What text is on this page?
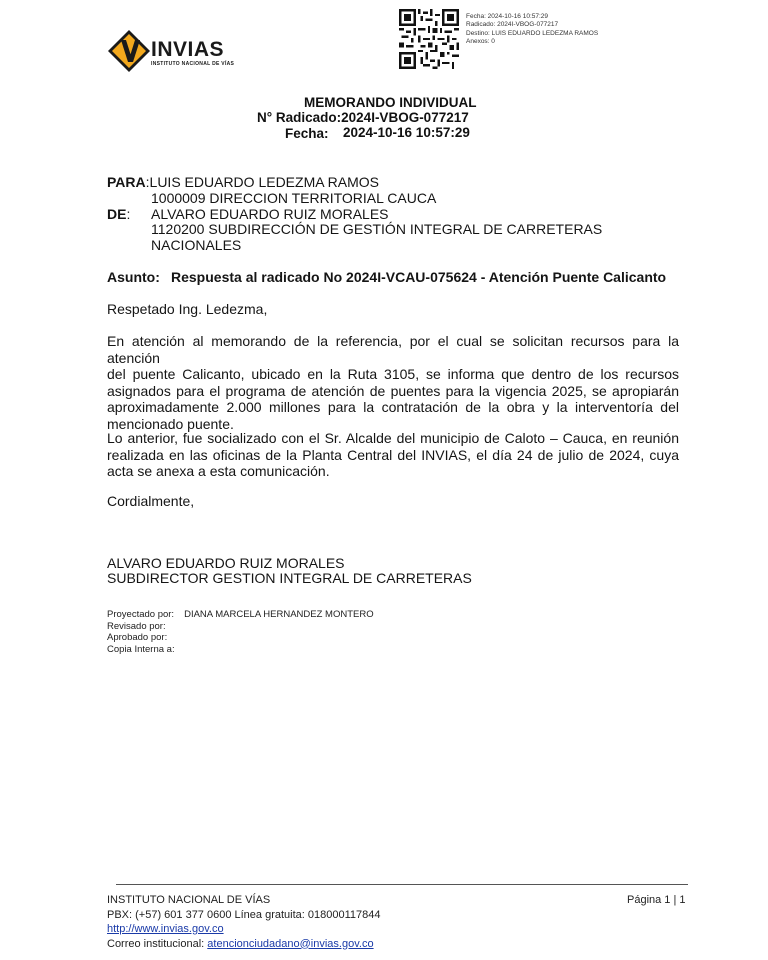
INVIAS
INSTITUTO NACIONAL DE VÍAS
Fecha: 2024-10-16 10:57:29
Radicado: 2024I-VBOG-077217
Destino: LUIS EDUARDO LEDEZMA RAMOS
Anexos: 0
MEMORANDO INDIVIDUAL
N° Radicado:2024I-VBOG-077217
Fecha: 2024-10-16 10:57:29
PARA:LUIS EDUARDO LEDEZMA RAMOS
1000009 DIRECCION TERRITORIAL CAUCA
DE: ALVARO EDUARDO RUIZ MORALES
1120200 SUBDIRECCIÓN DE GESTIÓN INTEGRAL DE CARRETERAS
NACIONALES
Asunto: Respuesta al radicado No 2024I-VCAU-075624 - Atención Puente Calicanto
Respetado Ing. Ledezma,
En atención al memorando de la referencia, por el cual se solicitan recursos para la atención
del puente Calicanto, ubicado en la Ruta 3105, se informa que dentro de los recursos
asignados para el programa de atención de puentes para la vigencia 2025, se apropiarán
aproximadamente 2.000 millones para la contratación de la obra y la interventoría del
mencionado puente.
Lo anterior, fue socializado con el Sr. Alcalde del municipio de Caloto – Cauca, en reunión
realizada en las oficinas de la Planta Central del INVIAS, el día 24 de julio de 2024, cuya
acta se anexa a esta comunicación.
Cordialmente,
ALVARO EDUARDO RUIZ MORALES
SUBDIRECTOR GESTION INTEGRAL DE CARRETERAS
Proyectado por: DIANA MARCELA HERNANDEZ MONTERO
Revisado por:
Aprobado por:
Copia Interna a:
INSTITUTO NACIONAL DE VÍAS
PBX: (+57) 601 377 0600 Línea gratuita: 018000117844
http://www.invias.gov.co
Correo institucional: atencionciudadano@invias.gov.co
Página 1 | 1
